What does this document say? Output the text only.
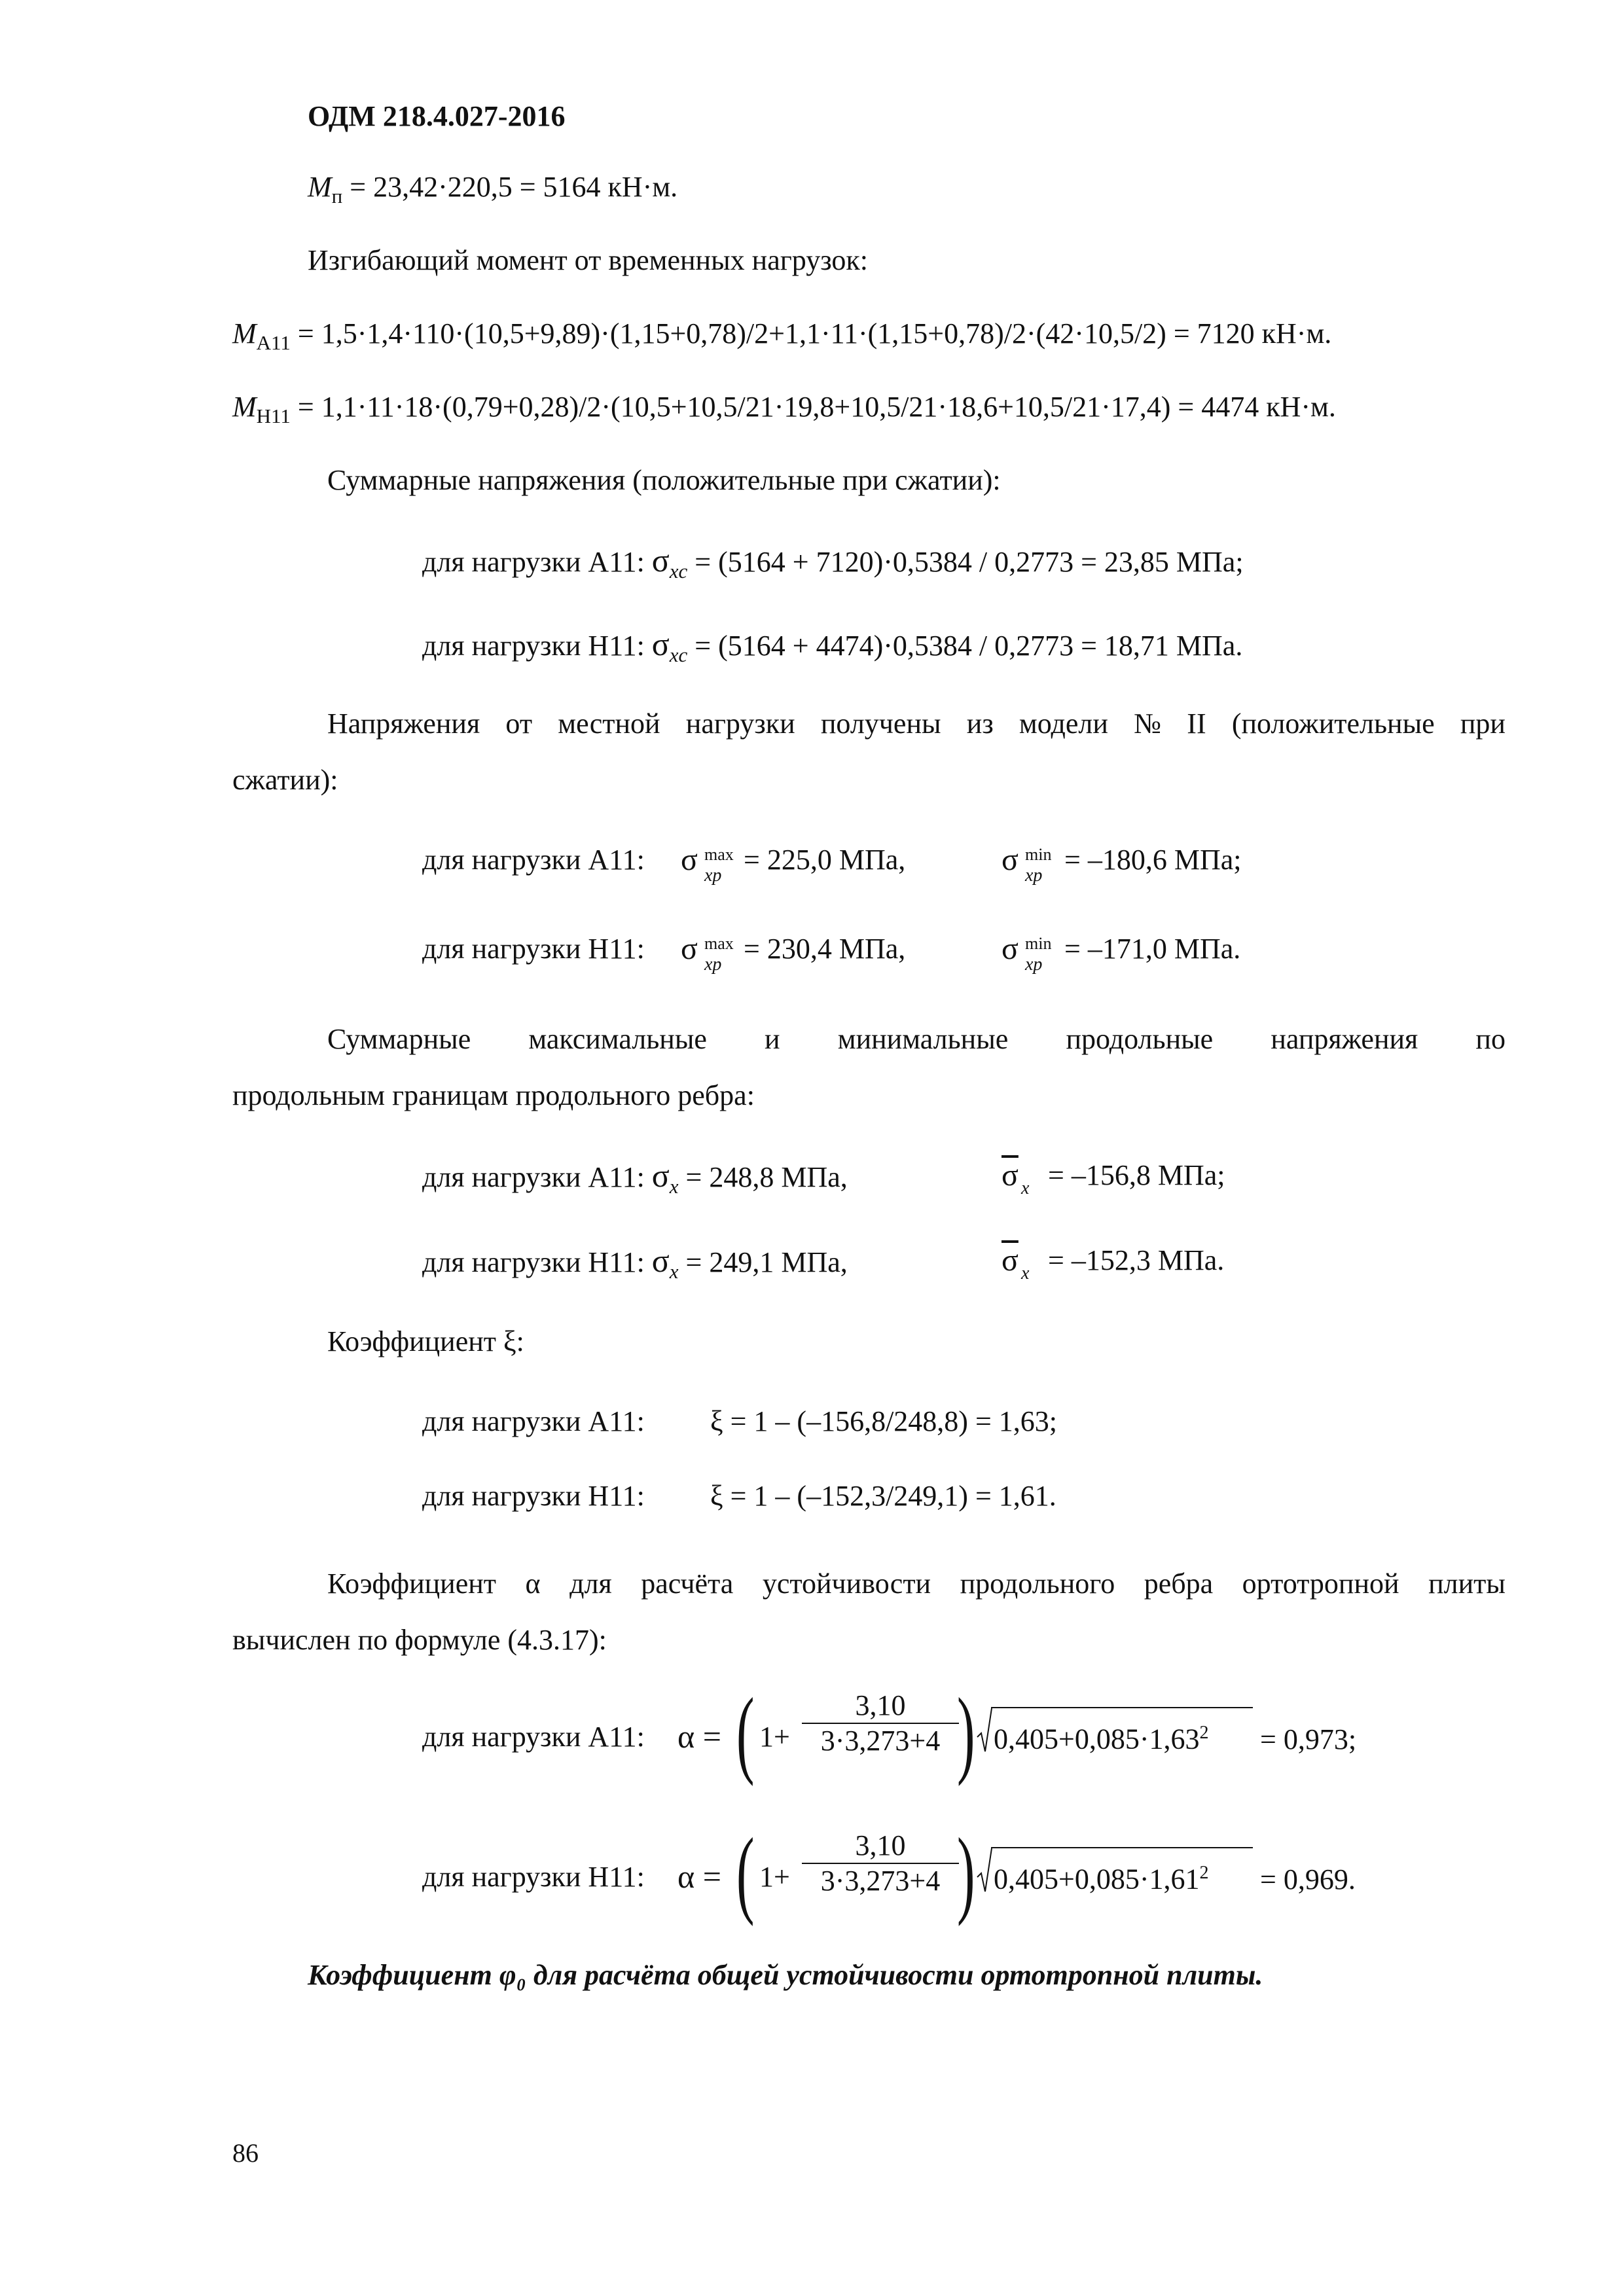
ОДМ 218.4.027-2016
$M_п = 23,42\cdot 220,5 = 5164$ кН·м.
Изгибающий момент от временных нагрузок:
$M_{A11} = 1,5\cdot 1,4\cdot 110\cdot(10,5+9,89)\cdot(1,15+0,78)/2+1,1\cdot 11\cdot(1,15+0,78)/2\cdot(42\cdot 10,5/2) = 7120$ кН·м.
$M_{Н11} = 1,1\cdot 11\cdot 18\cdot(0,79+0,28)/2\cdot(10,5+10,5/21\cdot 19,8+10,5/21\cdot 18,6+10,5/21\cdot 17,4) = 4474$ кН·м.
Суммарные напряжения (положительные при сжатии):
для нагрузки А11: $\sigma_{xc} = (5164 + 7120)\cdot 0,5384 / 0,2773 = 23,85$ МПа;
для нагрузки Н11: $\sigma_{xc} = (5164 + 4474)\cdot 0,5384 / 0,2773 = 18,71$ МПа.
Напряжения от местной нагрузки получены из модели № II (положительные при
сжатии):
для нагрузки А11: σ max
xp = 225,0 МПа,	σ min
xp = –180,6 МПа;
для нагрузки Н11: σ max
xp = 230,4 МПа,	σ min
xp = –171,0 МПа.
Суммарные максимальные и минимальные продольные напряжения по
продольным границам продольного ребра:
для нагрузки А11: $\sigma_x = 248,8$ МПа,	$\overline{\sigma}$ x = –156,8 МПа;
для нагрузки Н11: $\sigma_x = 249,1$ МПа,	$\overline{\sigma}$ x = –152,3 МПа.
Коэффициент ξ:
для нагрузки А11: ξ = 1 – (–156,8/248,8) = 1,63;
для нагрузки Н11: ξ = 1 – (–152,3/249,1) = 1,61.
Коэффициент α для расчёта устойчивости продольного ребра ортотропной плиты
вычислен по формуле (4.3.17):
для нагрузки А11: α = ( $1+ \frac{3,10}{3\cdot 3,273+4}$
) $0,405+0,085\cdot 1,63^2$	= 0,973;
для нагрузки Н11: α = ( $1+ \frac{3,10}{3\cdot 3,273+4}$
) $0,405+0,085\cdot 1,61^2$	= 0,969.
Коэффициент φ₀ для расчёта общей устойчивости ортотропной плиты.
86
